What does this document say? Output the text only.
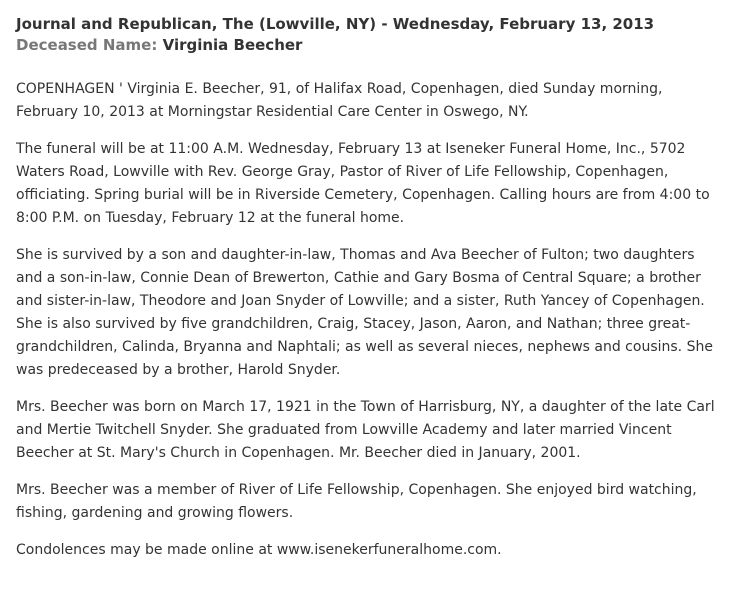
Journal and Republican, The (Lowville, NY) - Wednesday, February 13, 2013

Deceased Name: Virginia Beecher

COPENHAGEN ' Virginia E. Beecher, 91, of Halifax Road, Copenhagen, died Sunday morning, February 10, 2013 at Morningstar Residential Care Center in Oswego, NY.

The funeral will be at 11:00 A.M. Wednesday, February 13 at Iseneker Funeral Home, Inc., 5702 Waters Road, Lowville with Rev. George Gray, Pastor of River of Life Fellowship, Copenhagen, officiating. Spring burial will be in Riverside Cemetery, Copenhagen. Calling hours are from 4:00 to 8:00 P.M. on Tuesday, February 12 at the funeral home.

She is survived by a son and daughter-in-law, Thomas and Ava Beecher of Fulton; two daughters and a son-in-law, Connie Dean of Brewerton, Cathie and Gary Bosma of Central Square; a brother and sister-in-law, Theodore and Joan Snyder of Lowville; and a sister, Ruth Yancey of Copenhagen. She is also survived by five grandchildren, Craig, Stacey, Jason, Aaron, and Nathan; three great-grandchildren, Calinda, Bryanna and Naphtali; as well as several nieces, nephews and cousins. She was predeceased by a brother, Harold Snyder.

Mrs. Beecher was born on March 17, 1921 in the Town of Harrisburg, NY, a daughter of the late Carl and Mertie Twitchell Snyder. She graduated from Lowville Academy and later married Vincent Beecher at St. Mary's Church in Copenhagen. Mr. Beecher died in January, 2001.

Mrs. Beecher was a member of River of Life Fellowship, Copenhagen. She enjoyed bird watching, fishing, gardening and growing flowers.

Condolences may be made online at www.isenekerfuneralhome.com.
